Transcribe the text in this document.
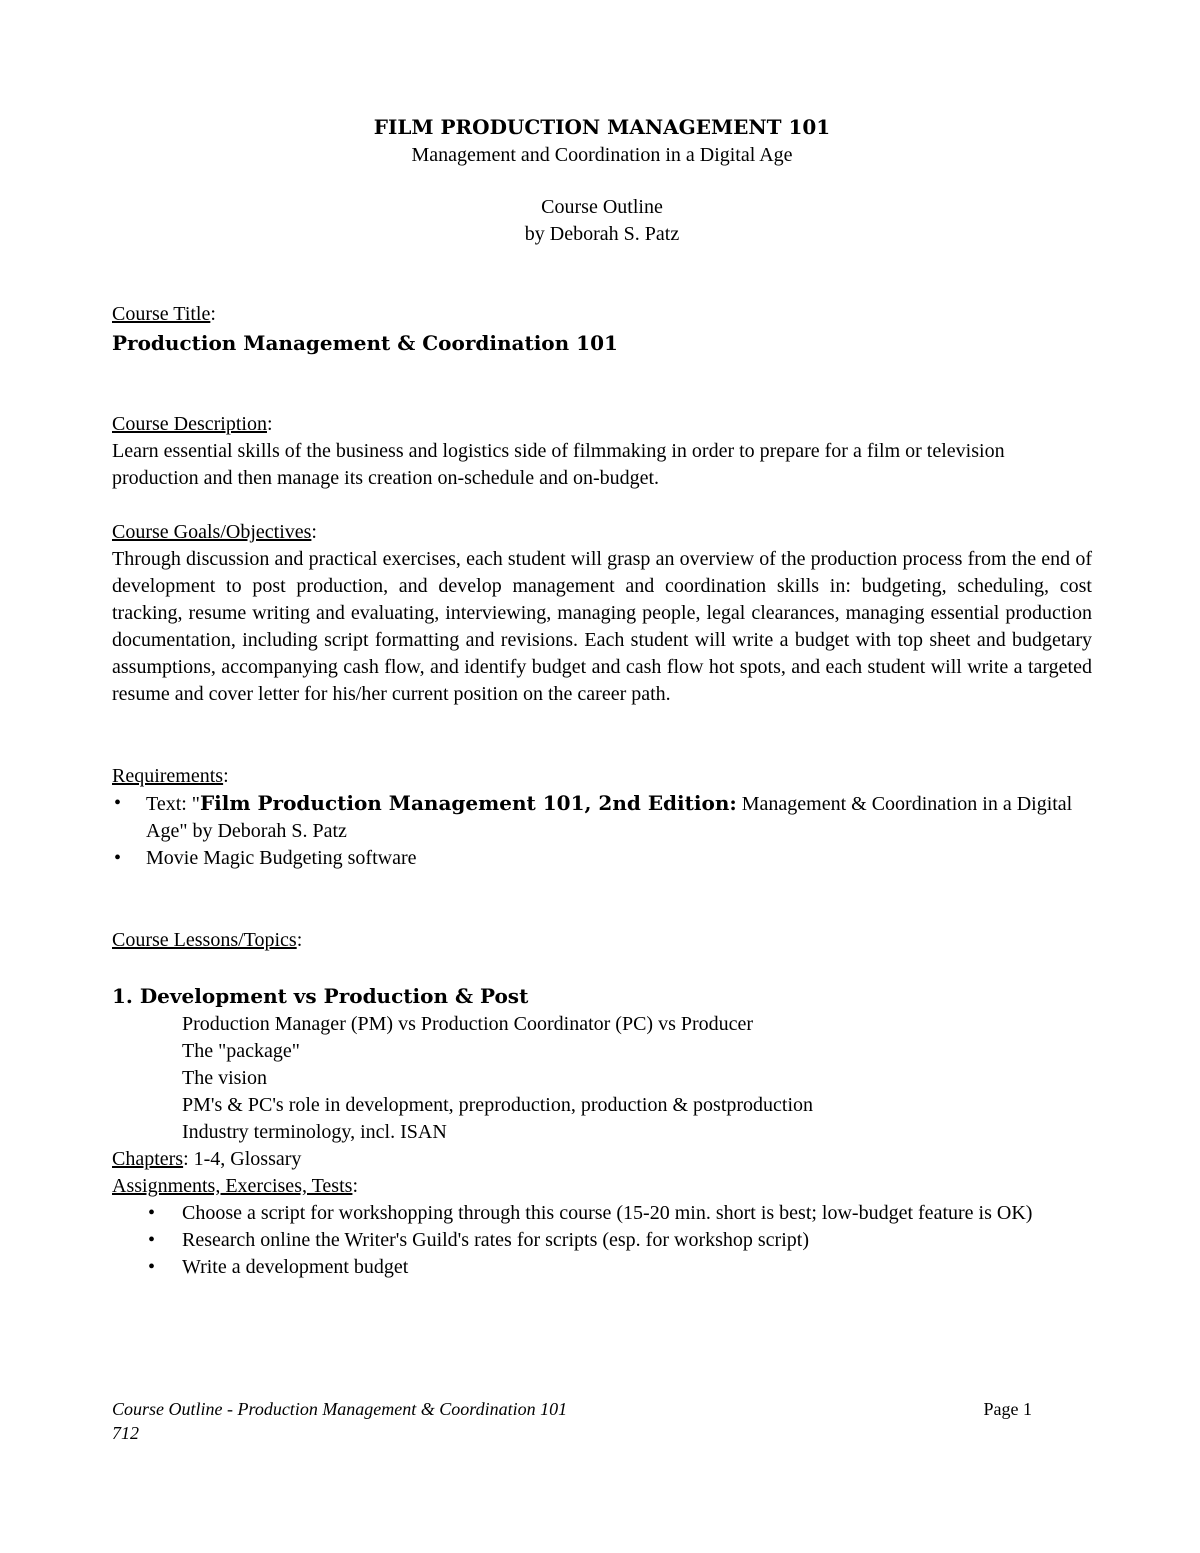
FILM PRODUCTION MANAGEMENT 101
Management and Coordination in a Digital Age
Course Outline
by Deborah S. Patz
Course Title:
Production Management & Coordination 101
Course Description:
Learn essential skills of the business and logistics side of filmmaking in order to prepare for a film or television production and then manage its creation on-schedule and on-budget.
Course Goals/Objectives:
Through discussion and practical exercises, each student will grasp an overview of the production process from the end of development to post production, and develop management and coordination skills in: budgeting, scheduling, cost tracking, resume writing and evaluating, interviewing, managing people, legal clearances, managing essential production documentation, including script formatting and revisions. Each student will write a budget with top sheet and budgetary assumptions, accompanying cash flow, and identify budget and cash flow hot spots, and each student will write a targeted resume and cover letter for his/her current position on the career path.
Requirements:
• Text: "Film Production Management 101, 2nd Edition: Management & Coordination in a Digital Age" by Deborah S. Patz
• Movie Magic Budgeting software
Course Lessons/Topics:
1. Development vs Production & Post
Production Manager (PM) vs Production Coordinator (PC) vs Producer
The "package"
The vision
PM's & PC's role in development, preproduction, production & postproduction
Industry terminology, incl. ISAN
Chapters: 1-4, Glossary
Assignments, Exercises, Tests:
• Choose a script for workshopping through this course (15-20 min. short is best; low-budget feature is OK)
• Research online the Writer's Guild's rates for scripts (esp. for workshop script)
• Write a development budget
Course Outline - Production Management & Coordination 101
712
Page 1
